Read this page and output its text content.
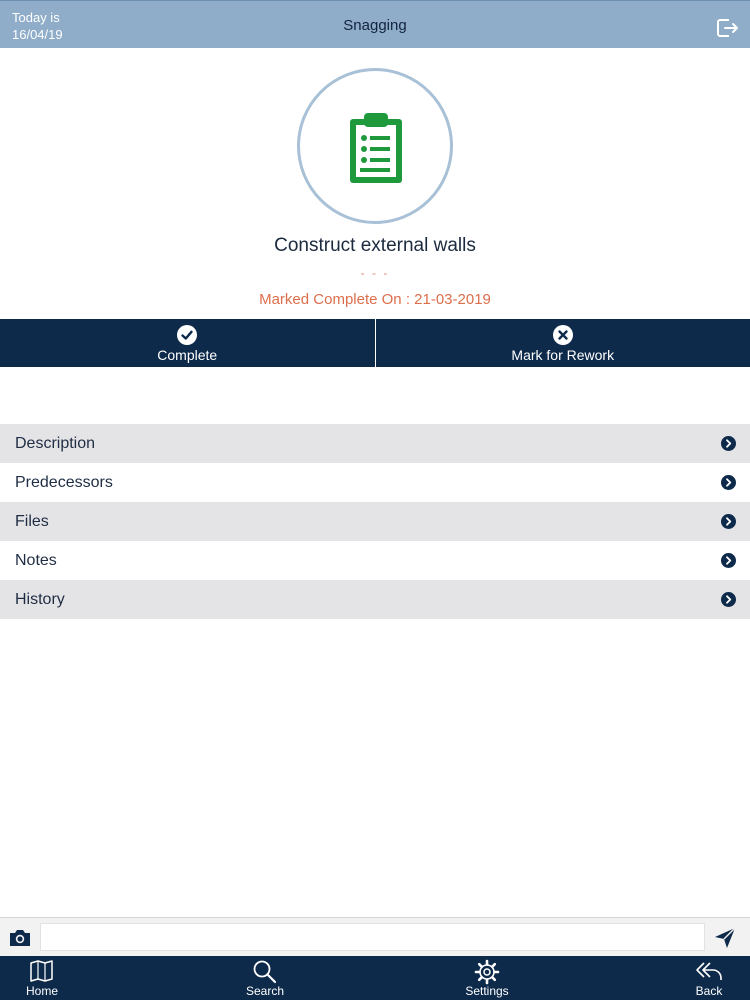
Today is
16/04/19
Snagging
Construct external walls
- - -
Marked Complete On : 21-03-2019
Complete	Mark for Rework
Description
Predecessors
Files
Notes
History
Home	Search	Settings	Back
